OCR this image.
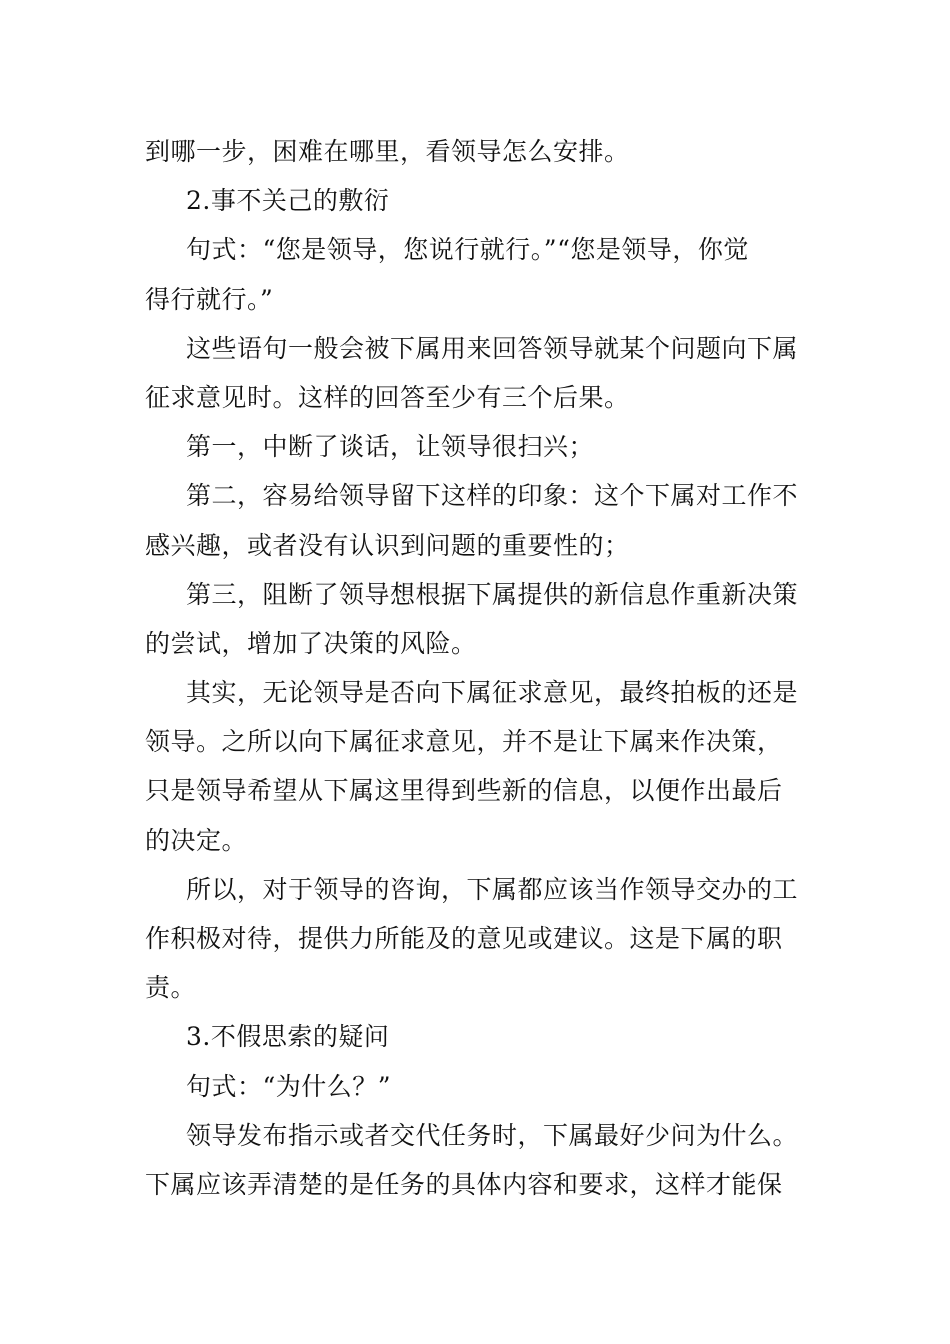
到哪一步，困难在哪里，看领导怎么安排。
2.事不关己的敷衍
句式：“您是领导，您说行就行。”“您是领导，你觉
得行就行。”
这些语句一般会被下属用来回答领导就某个问题向下属
征求意见时。这样的回答至少有三个后果。
第一，中断了谈话，让领导很扫兴；
第二，容易给领导留下这样的印象：这个下属对工作不
感兴趣，或者没有认识到问题的重要性的；
第三，阻断了领导想根据下属提供的新信息作重新决策
的尝试，增加了决策的风险。
其实，无论领导是否向下属征求意见，最终拍板的还是
领导。之所以向下属征求意见，并不是让下属来作决策，
只是领导希望从下属这里得到些新的信息，以便作出最后
的决定。
所以，对于领导的咨询，下属都应该当作领导交办的工
作积极对待，提供力所能及的意见或建议。这是下属的职
责。
3.不假思索的疑问
句式：“为什么？”
领导发布指示或者交代任务时，下属最好少问为什么。
下属应该弄清楚的是任务的具体内容和要求，这样才能保
